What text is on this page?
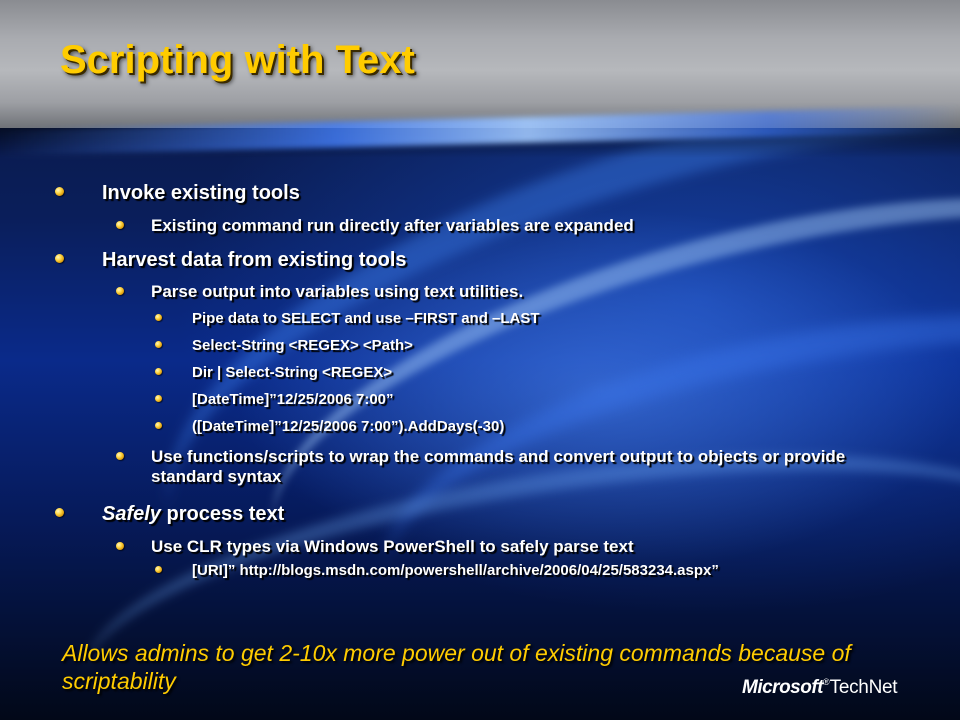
Scripting with Text
Invoke existing tools
Existing command run directly after variables are expanded
Harvest data from existing tools
Parse output into variables using text utilities.
Pipe data to SELECT and use –FIRST and –LAST
Select-String <REGEX> <Path>
Dir | Select-String <REGEX>
[DateTime]”12/25/2006 7:00”
([DateTime]”12/25/2006 7:00”).AddDays(-30)
Use functions/scripts to wrap the commands and convert output to objects or provide standard syntax
Safely process text
Use CLR types via Windows PowerShell to safely parse text
[URI]” http://blogs.msdn.com/powershell/archive/2006/04/25/583234.aspx”

Allows admins to get 2-10x more power out of existing commands because of scriptability	Microsoft®TechNet
